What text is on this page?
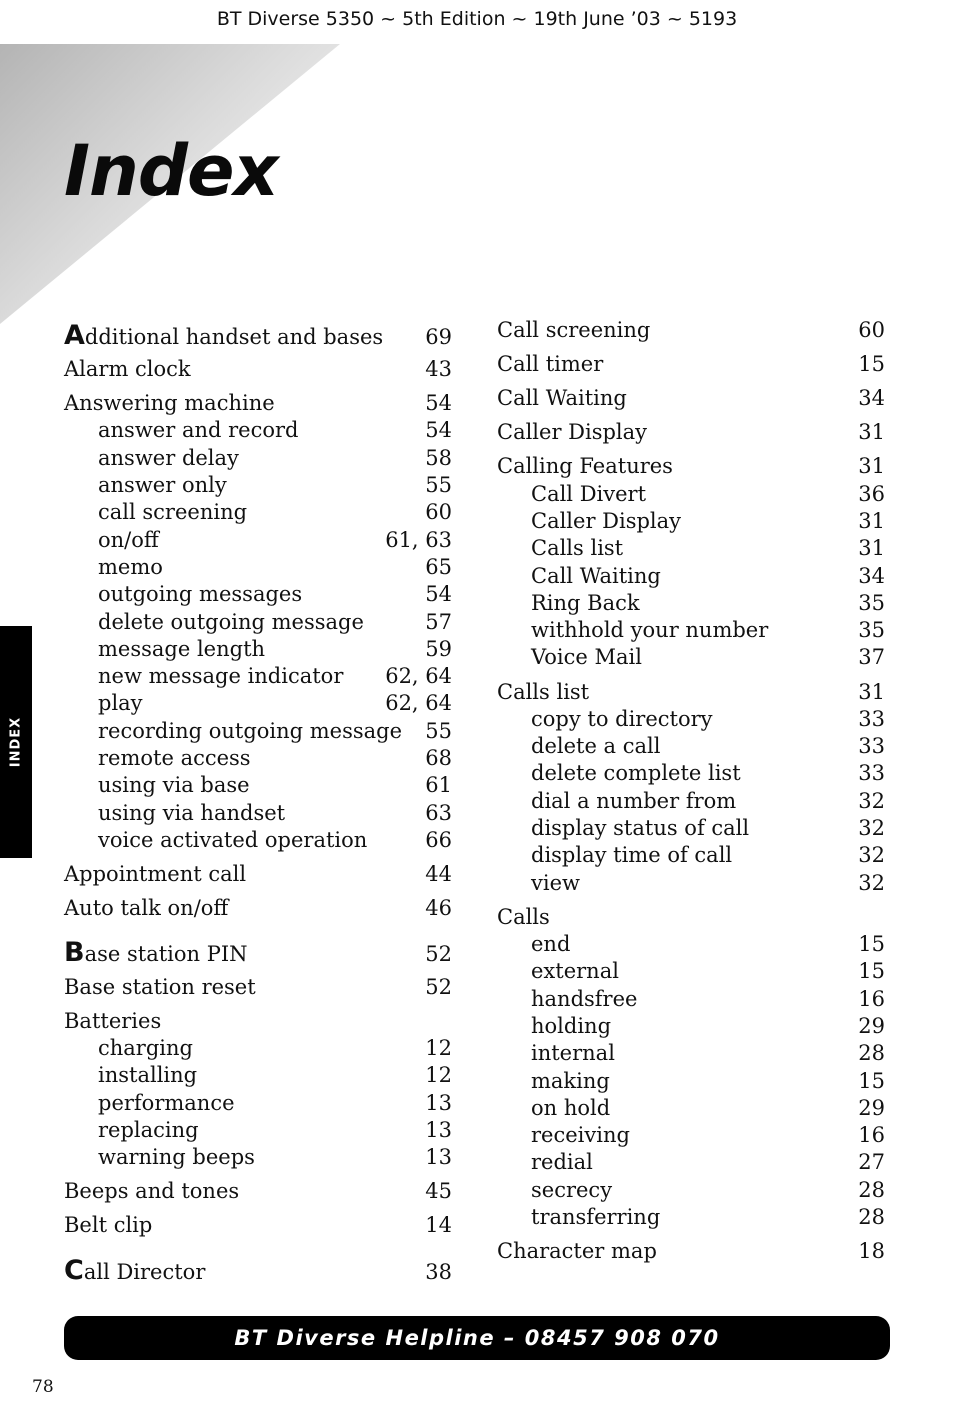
BT Diverse 5350 ~ 5th Edition ~ 19th June ’03 ~ 5193
Index
INDEX
Additional handset and bases 69
Alarm clock	43
Answering machine	54
answer and record	54
answer delay	58
answer only	55
call screening	60
on/off	61, 63
memo	65
outgoing messages	54
delete outgoing message	57
message length	59
new message indicator 62, 64
play	62, 64
recording outgoing message 55
remote access	68
using via base	61
using via handset	63
voice activated operation	66
Appointment call	44
Auto talk on/off	46
Base station PIN	52
Base station reset	52
Batteries
charging	12
installing	12
performance	13
replacing	13
warning beeps	13
Beeps and tones	45
Belt clip	14
Call Director	38
Call screening	60
Call timer	15
Call Waiting	34
Caller Display	31
Calling Features	31
Call Divert	36
Caller Display	31
Calls list	31
Call Waiting	34
Ring Back	35
withhold your number	35
Voice Mail	37
Calls list	31
copy to directory	33
delete a call	33
delete complete list	33
dial a number from	32
display status of call	32
display time of call	32
view	32
Calls
end	15
external	15
handsfree	16
holding	29
internal	28
making	15
on hold	29
receiving	16
redial	27
secrecy	28
transferring	28
Character map	18
BT Diverse Helpline – 08457 908 070
78
